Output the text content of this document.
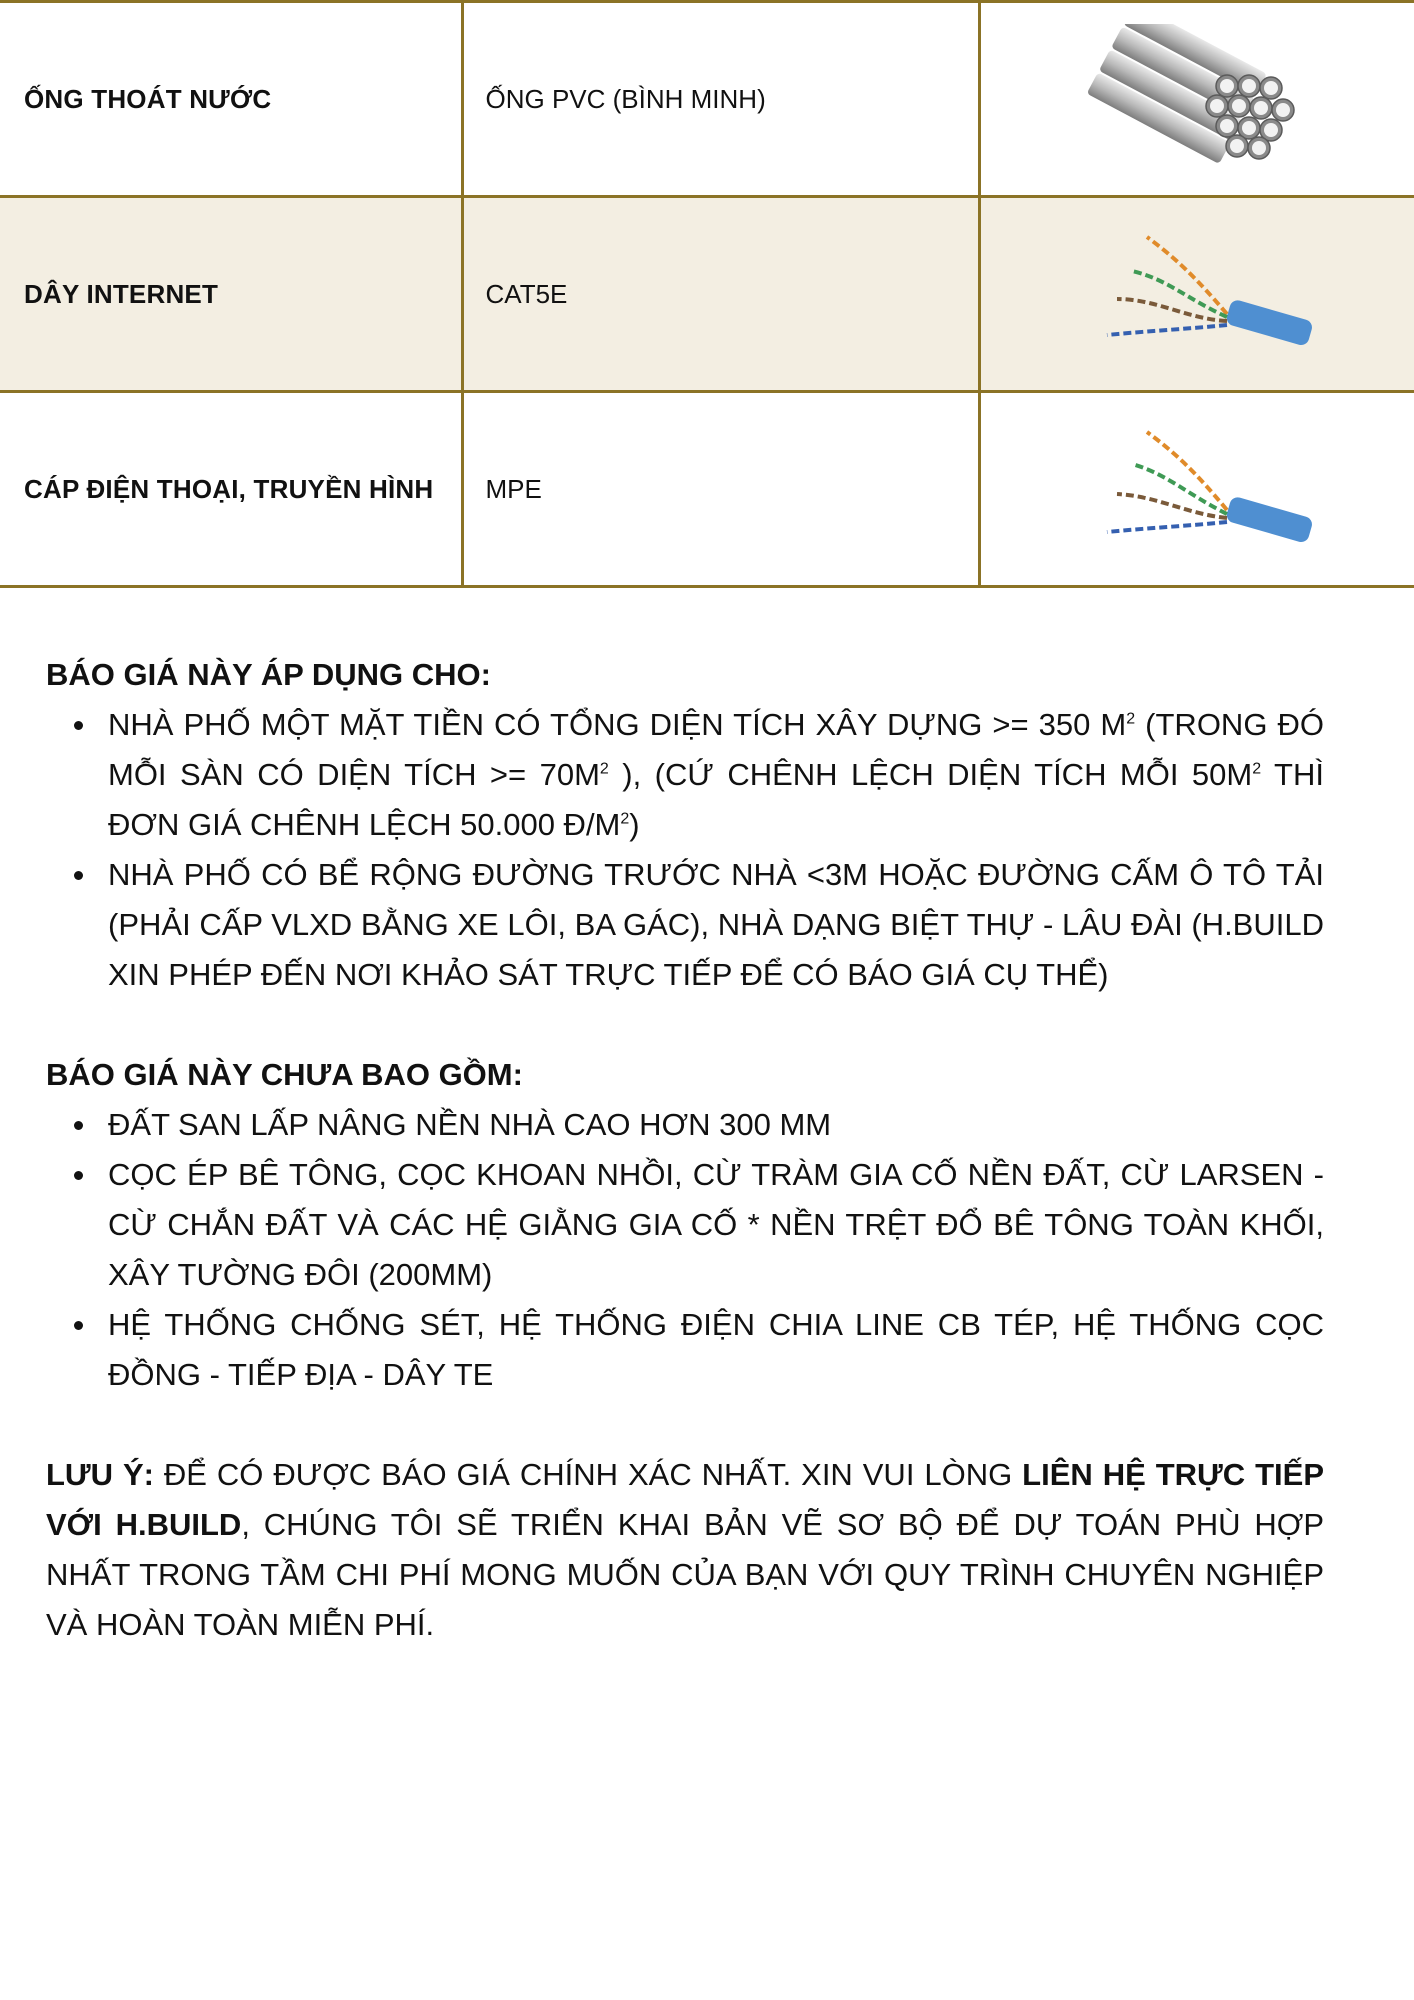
ỐNG THOÁT NƯỚC	ỐNG PVC (BÌNH MINH)	
DÂY INTERNET	CAT5E	
CÁP ĐIỆN THOẠI, TRUYỀN HÌNH	MPE	
BÁO GIÁ NÀY ÁP DỤNG CHO:
NHÀ PHỐ MỘT MẶT TIỀN CÓ TỔNG DIỆN TÍCH XÂY DỰNG >= 350 $M^2$ (TRONG ĐÓ MỖI SÀN CÓ DIỆN TÍCH >= $70M^2$ ), (CỨ CHÊNH LỆCH DIỆN TÍCH MỖI $50M^2$ THÌ ĐƠN GIÁ CHÊNH LỆCH 50.000 $Đ/M^2$)
NHÀ PHỐ CÓ BỂ RỘNG ĐƯỜNG TRƯỚC NHÀ <3M HOẶC ĐƯỜNG CẤM Ô TÔ TẢI (PHẢI CẤP VLXD BẰNG XE LÔI, BA GÁC), NHÀ DẠNG BIỆT THỰ - LÂU ĐÀI (H.BUILD XIN PHÉP ĐẾN NƠI KHẢO SÁT TRỰC TIẾP ĐỂ CÓ BÁO GIÁ CỤ THỂ)
BÁO GIÁ NÀY CHƯA BAO GỒM:
ĐẤT SAN LẤP NÂNG NỀN NHÀ CAO HƠN 300 MM
CỌC ÉP BÊ TÔNG, CỌC KHOAN NHỒI, CỪ TRÀM GIA CỐ NỀN ĐẤT, CỪ LARSEN - CỪ CHẮN ĐẤT VÀ CÁC HỆ GIẰNG GIA CỐ * NỀN TRỆT ĐỔ BÊ TÔNG TOÀN KHỐI, XÂY TƯỜNG ĐÔI (200MM)
HỆ THỐNG CHỐNG SÉT, HỆ THỐNG ĐIỆN CHIA LINE CB TÉP, HỆ THỐNG CỌC ĐỒNG - TIẾP ĐỊA - DÂY TE

LƯU Ý: ĐỂ CÓ ĐƯỢC BÁO GIÁ CHÍNH XÁC NHẤT. XIN VUI LÒNG LIÊN HỆ TRỰC TIẾP VỚI H.BUILD, CHÚNG TÔI SẼ TRIỂN KHAI BẢN VẼ SƠ BỘ ĐỂ DỰ TOÁN PHÙ HỢP NHẤT TRONG TẦM CHI PHÍ MONG MUỐN CỦA BẠN VỚI QUY TRÌNH CHUYÊN NGHIỆP VÀ HOÀN TOÀN MIỄN PHÍ.
